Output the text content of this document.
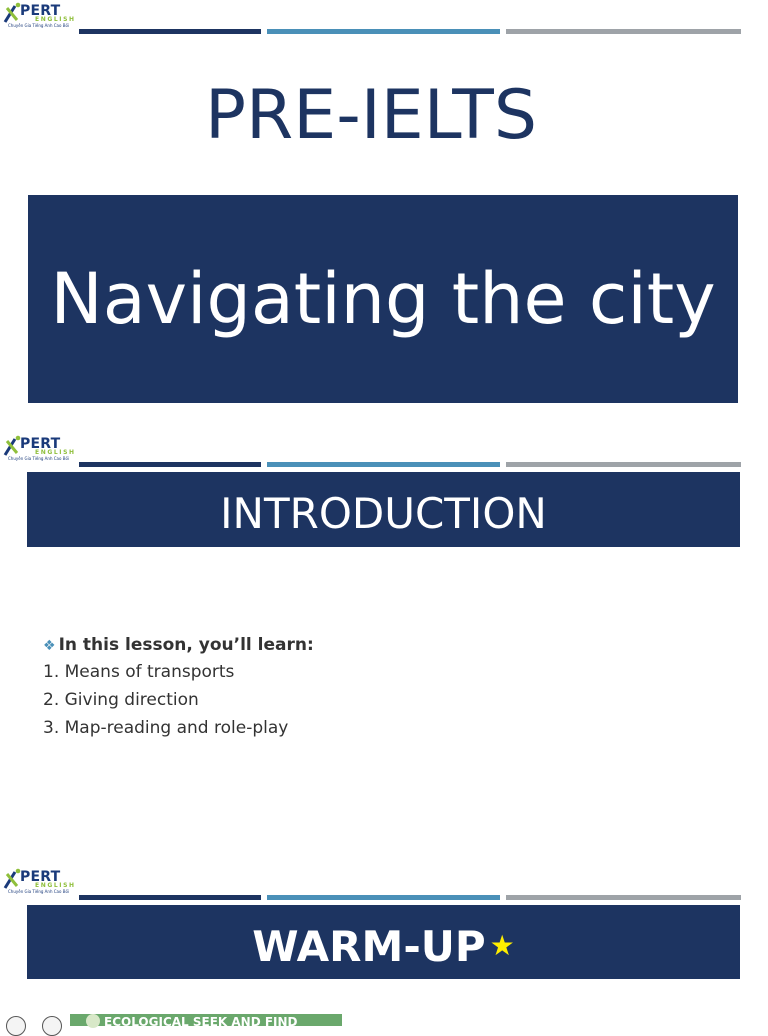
PERT
ENGLISH
Chuyên Gia Tiếng Anh Cao Bồi
PRE-IELTS
Navigating the city
PERT
ENGLISH
Chuyên Gia Tiếng Anh Cao Bồi
INTRODUCTION
❖ In this lesson, you’ll learn:
1. Means of transports
2. Giving direction
3. Map-reading and role-play
PERT
ENGLISH
Chuyên Gia Tiếng Anh Cao Bồi
WARM-UP ★
ECOLOGICAL SEEK AND FIND
